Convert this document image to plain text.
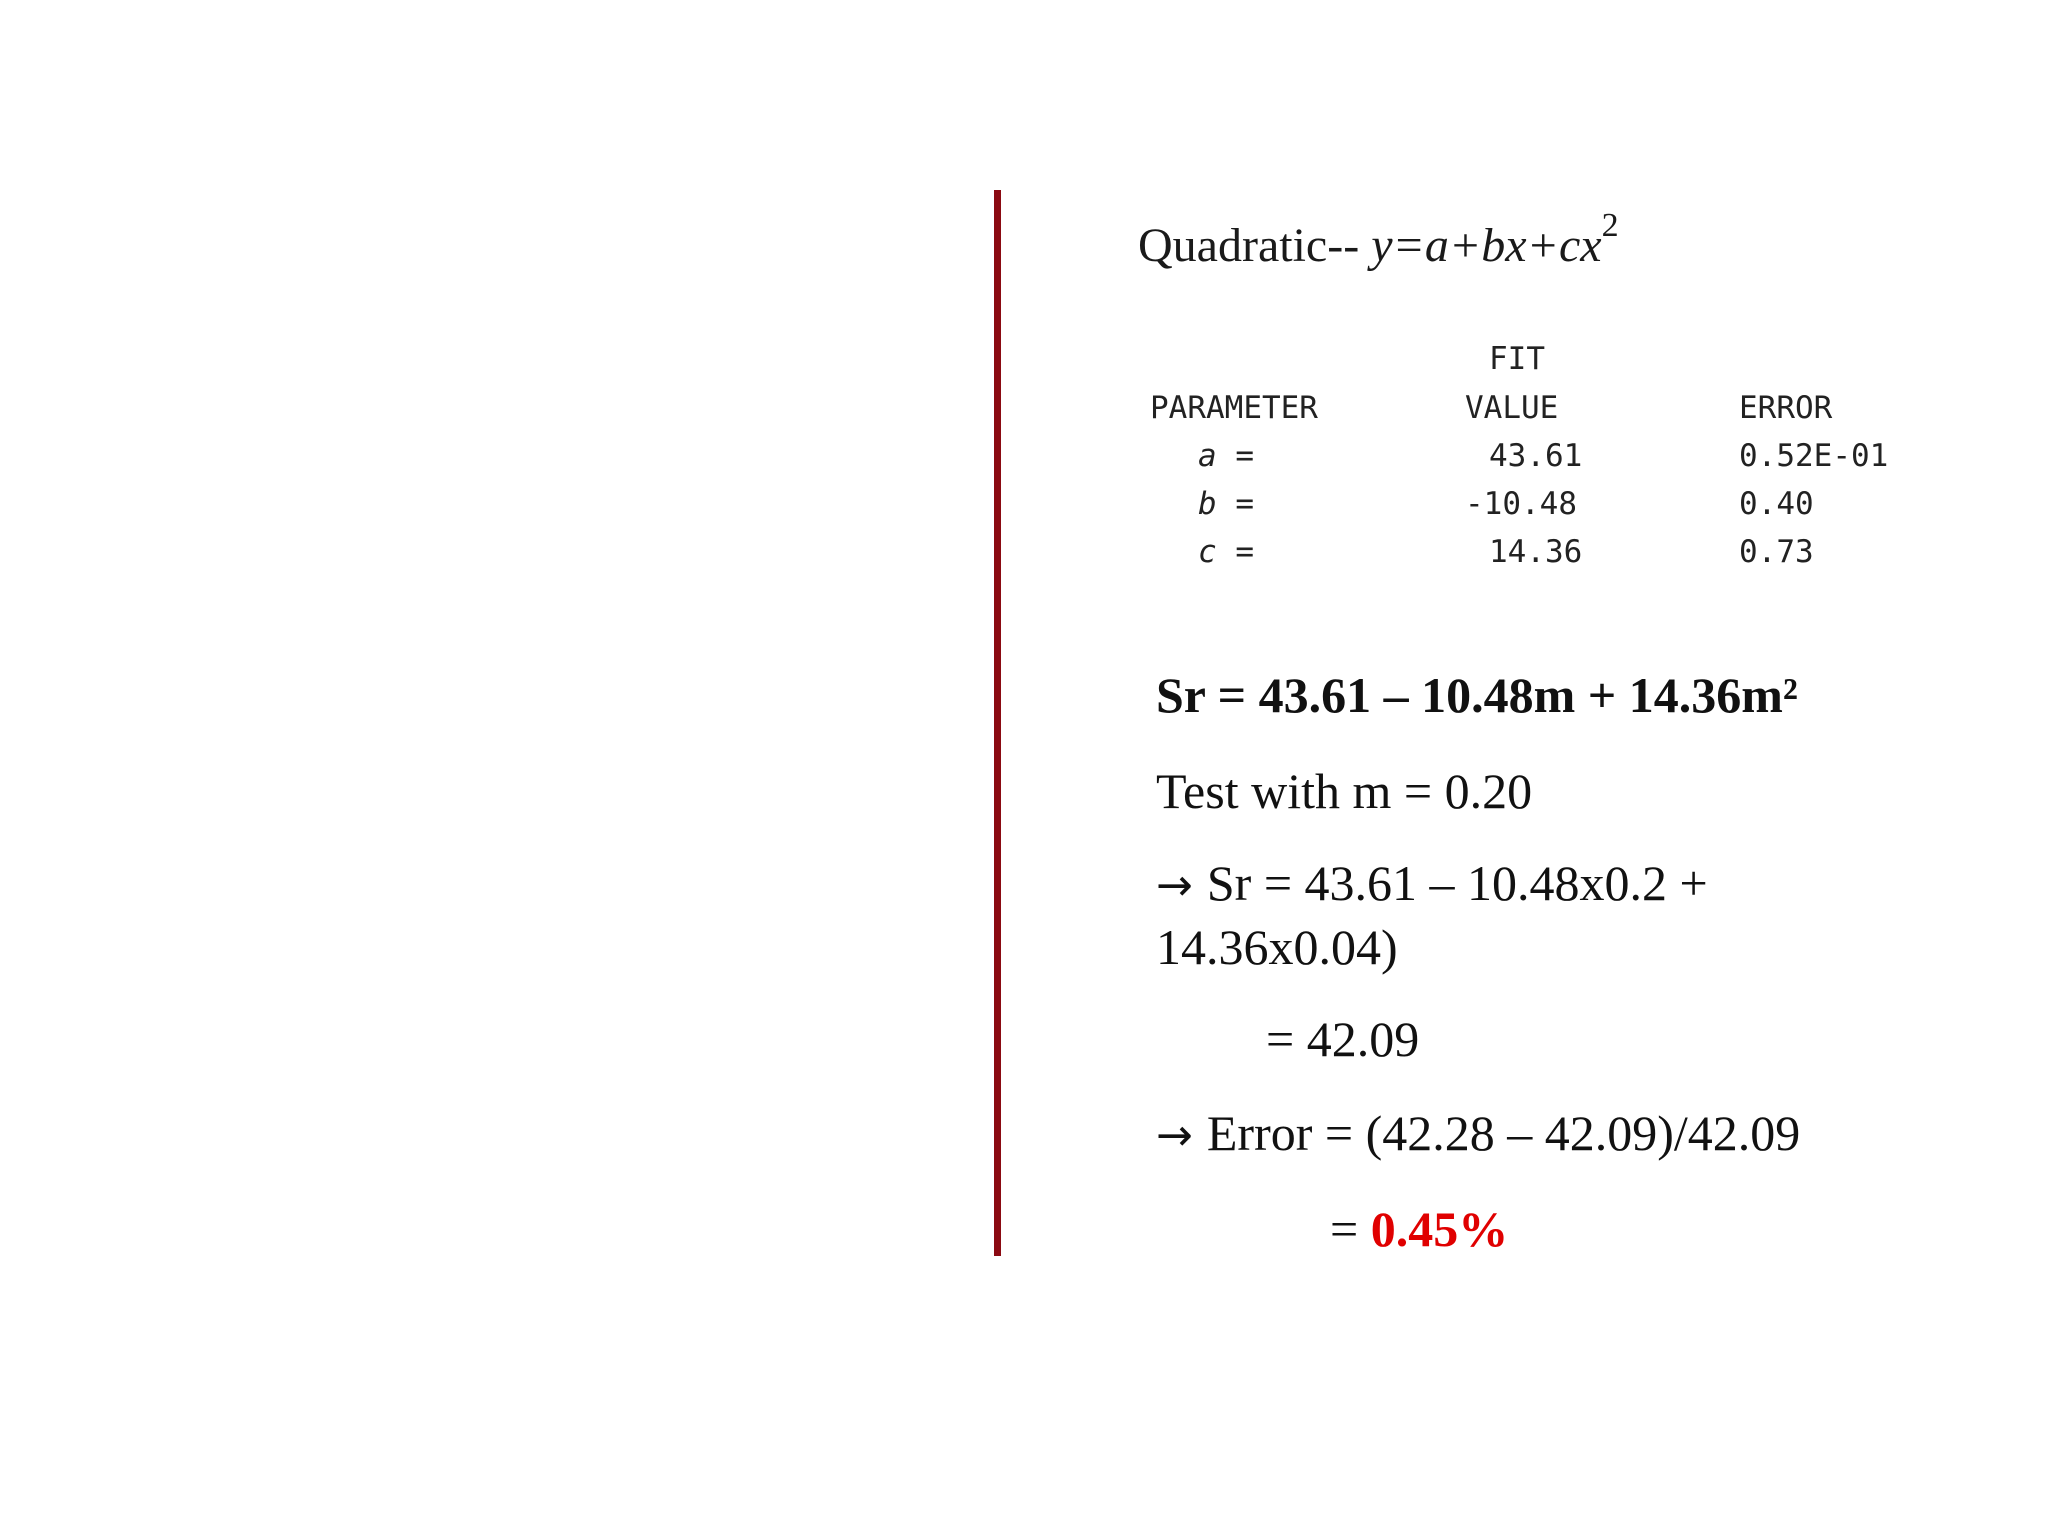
Quadratic-- $y=a+bx+cx^2$
	FIT	
PARAMETER	VALUE	ERROR
a =	43.61	0.52E-01
b =	-10.48	0.40
c =	14.36	0.73
Sr = 43.61 – 10.48m + 14.36m²
Test with m = 0.20
→ Sr = 43.61 – 10.48x0.2 +
14.36x0.04)
= 42.09
→ Error = (42.28 – 42.09)/42.09
= 0.45%
